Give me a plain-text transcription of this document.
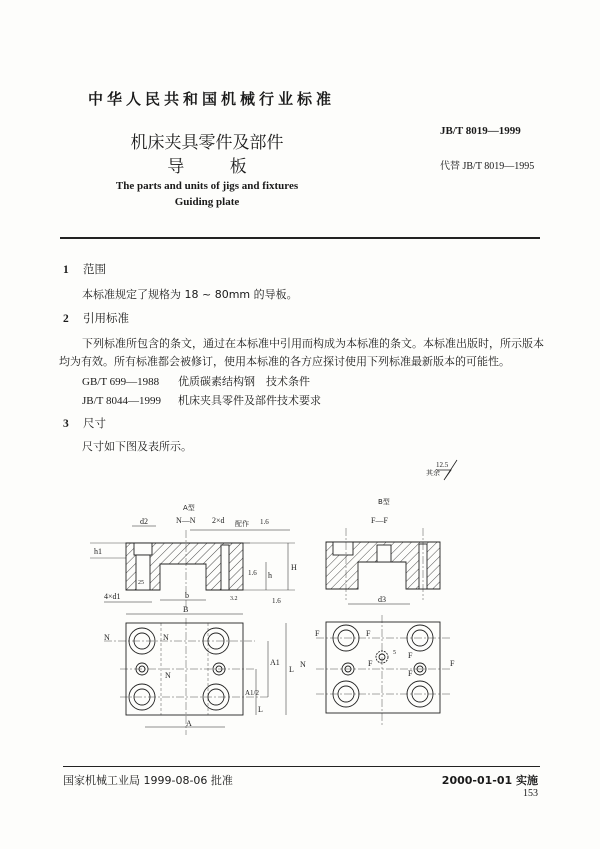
中华人民共和国机械行业标准
机床夹具零件及部件
导 板
The parts and units of jigs and fixtures
Guiding plate
JB/T 8019—1999
代替 JB/T 8019—1995
1 范围
本标准规定了规格为 18 ~ 80mm 的导板。
2 引用标准
下列标准所包含的条文，通过在本标准中引用而构成为本标准的条文。本标准出版时，所示版本
均为有效。所有标准都会被修订，使用本标准的各方应探讨使用下列标准最新版本的可能性。
GB/T 699—1988 优质碳素结构钢　技术条件
JB/T 8044—1999 机床夹具零件及部件技术要求
3 尺寸
尺寸如下图及表所示。
其余
12.5
A型
N—N 2×d 配作 1.6
d2
h1
25
4×d1	b
B
H
h
1.6
1.6
3.2
N	N
N
L
A1
A1/2
L
A
B型
F—F
d3
N
F	F
F
F
F
F
5
国家机械工业局 1999-08-06 批准	2000-01-01 实施
153
